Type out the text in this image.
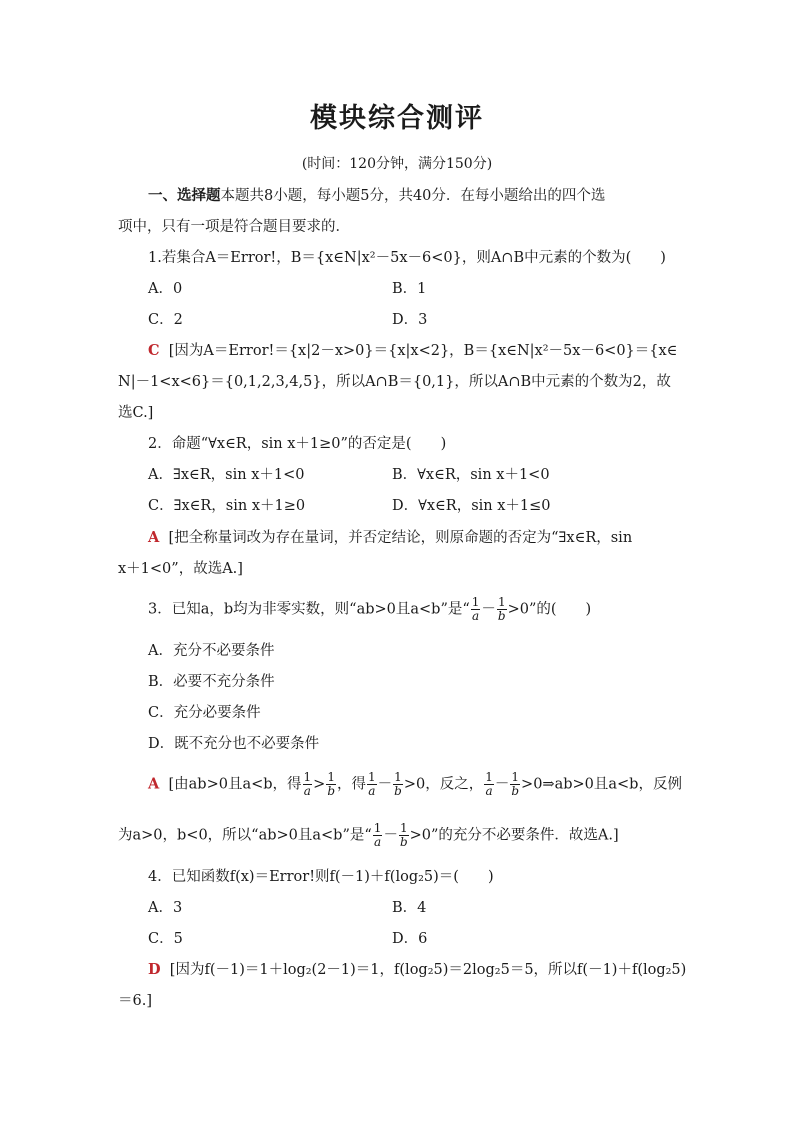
模块综合测评
(时间：120分钟，满分150分)
一、选择题本题共8小题，每小题5分，共40分．在每小题给出的四个选
项中，只有一项是符合题目要求的．
1.若集合A＝Error!，B＝{x∈N|x²－5x－6<0}，则A∩B中元素的个数为(　　)
A．0	B．1
C．2	D．3
C [因为A＝Error!＝{x|2－x>0}＝{x|x<2}，B＝{x∈N|x²－5x－6<0}＝{x∈
N|－1<x<6}＝{0,1,2,3,4,5}，所以A∩B＝{0,1}，所以A∩B中元素的个数为2，故
选C.]
2．命题“∀x∈R，sin x＋1≥0”的否定是(　　)
A．∃x∈R，sin x＋1<0	B．∀x∈R，sin x＋1<0
C．∃x∈R，sin x＋1≥0	D．∀x∈R，sin x＋1≤0
A [把全称量词改为存在量词，并否定结论，则原命题的否定为“∃x∈R，sin
x＋1<0”，故选A.]
3．已知a，b均为非零实数，则“ab>0且a<b”是“ $\frac{1}{a} - \frac{1}{b} >0$”的(　　)
A．充分不必要条件
B．必要不充分条件
C．充分必要条件
D．既不充分也不必要条件
A [由ab>0且a<b，得 $\frac{1}{a} > \frac{1}{b}$ ，得 $\frac{1}{a} - \frac{1}{b} >0$，反之， $\frac{1}{a} - \frac{1}{b}$ >0⇒ab>0且a<b，反例
为a>0，b<0，所以“ab>0且a<b”是“ $\frac{1}{a} - \frac{1}{b} >0$”的充分不必要条件．故选A.]
4．已知函数f(x)＝Error!则f(－1)＋f(log₂5)＝(　　)
A．3	B．4
C．5	D．6
D [因为f(－1)＝1＋log₂(2－1)＝1，f(log₂5)＝2log₂5＝5，所以f(－1)＋f(log₂5)
＝6.]
